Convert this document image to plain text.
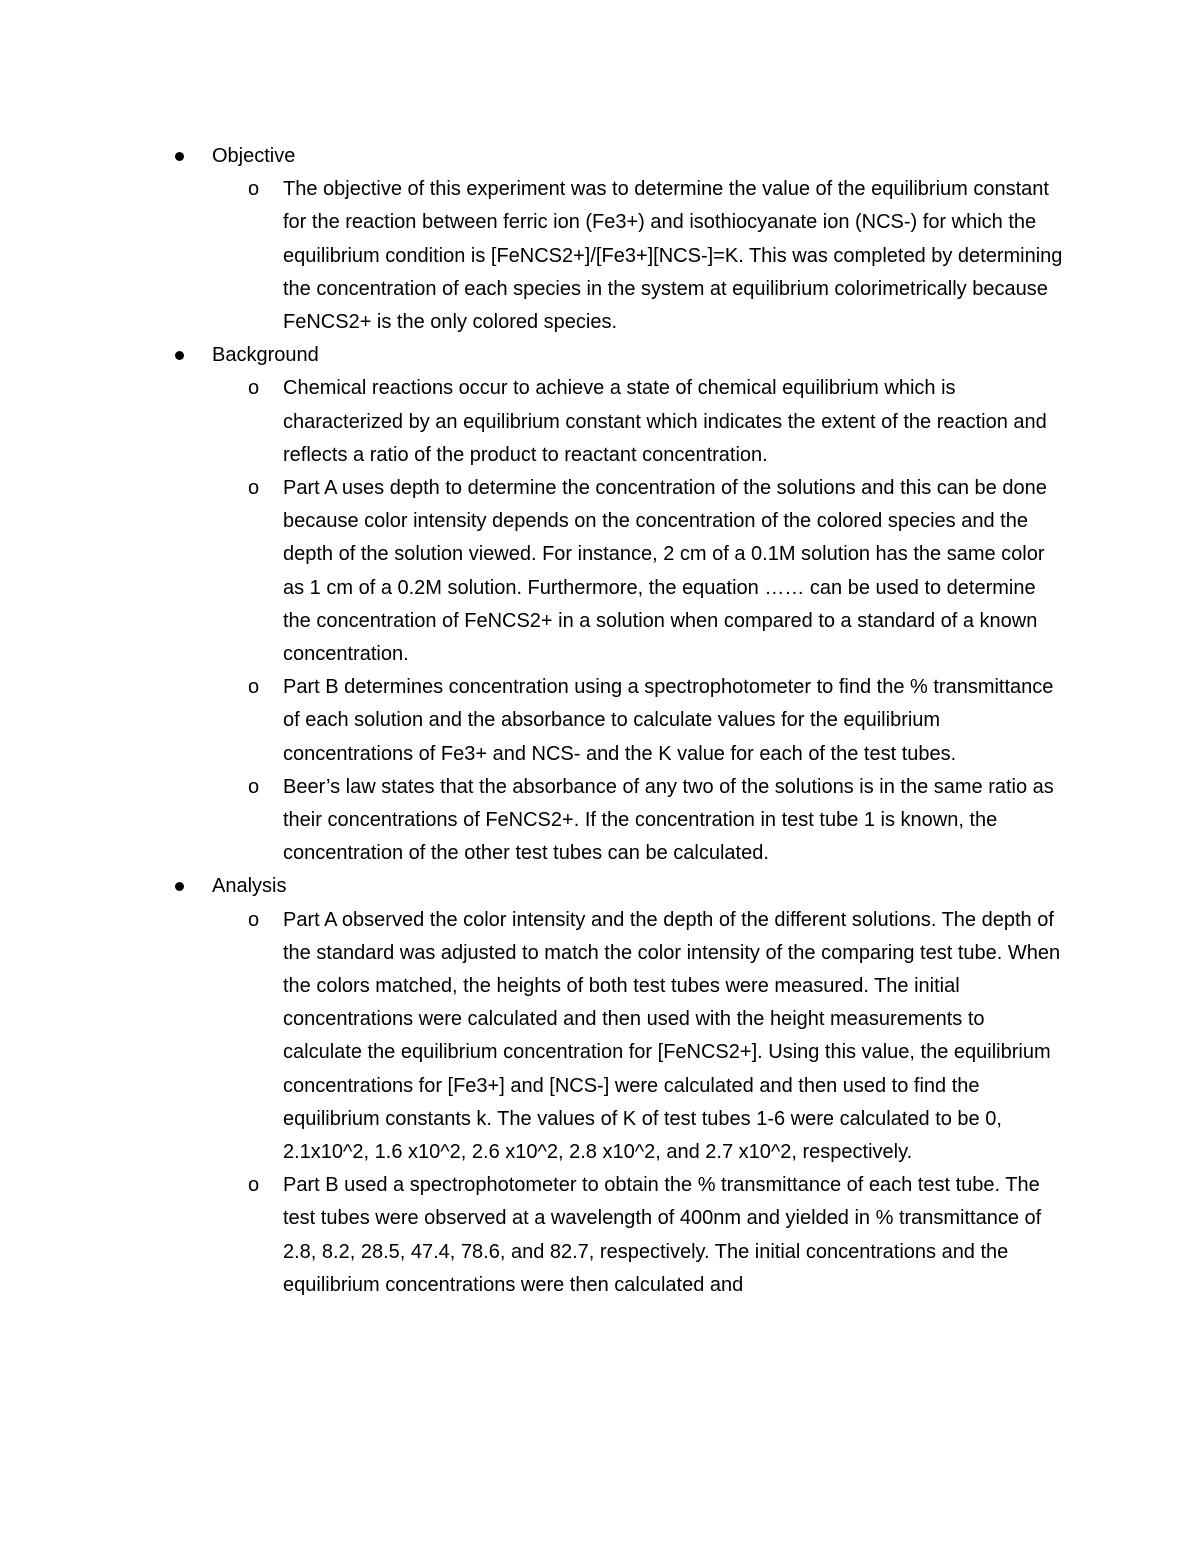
Objective
o The objective of this experiment was to determine the value of the equilibrium constant for the reaction between ferric ion (Fe3+) and isothiocyanate ion (NCS-) for which the equilibrium condition is [FeNCS2+]/[Fe3+][NCS-]=K. This was completed by determining the concentration of each species in the system at equilibrium colorimetrically because FeNCS2+ is the only colored species.
Background
o Chemical reactions occur to achieve a state of chemical equilibrium which is characterized by an equilibrium constant which indicates the extent of the reaction and reflects a ratio of the product to reactant concentration.
o Part A uses depth to determine the concentration of the solutions and this can be done because color intensity depends on the concentration of the colored species and the depth of the solution viewed. For instance, 2 cm of a 0.1M solution has the same color as 1 cm of a 0.2M solution. Furthermore, the equation …… can be used to determine the concentration of FeNCS2+ in a solution when compared to a standard of a known concentration.
o Part B determines concentration using a spectrophotometer to find the % transmittance of each solution and the absorbance to calculate values for the equilibrium concentrations of Fe3+ and NCS- and the K value for each of the test tubes.
o Beer’s law states that the absorbance of any two of the solutions is in the same ratio as their concentrations of FeNCS2+. If the concentration in test tube 1 is known, the concentration of the other test tubes can be calculated.
Analysis
o Part A observed the color intensity and the depth of the different solutions. The depth of the standard was adjusted to match the color intensity of the comparing test tube. When the colors matched, the heights of both test tubes were measured. The initial concentrations were calculated and then used with the height measurements to calculate the equilibrium concentration for [FeNCS2+]. Using this value, the equilibrium concentrations for [Fe3+] and [NCS-] were calculated and then used to find the equilibrium constants k. The values of K of test tubes 1-6 were calculated to be 0, 2.1x10^2, 1.6 x10^2, 2.6 x10^2, 2.8 x10^2, and 2.7 x10^2, respectively.
o Part B used a spectrophotometer to obtain the % transmittance of each test tube. The test tubes were observed at a wavelength of 400nm and yielded in % transmittance of 2.8, 8.2, 28.5, 47.4, 78.6, and 82.7, respectively. The initial concentrations and the equilibrium concentrations were then calculated and
